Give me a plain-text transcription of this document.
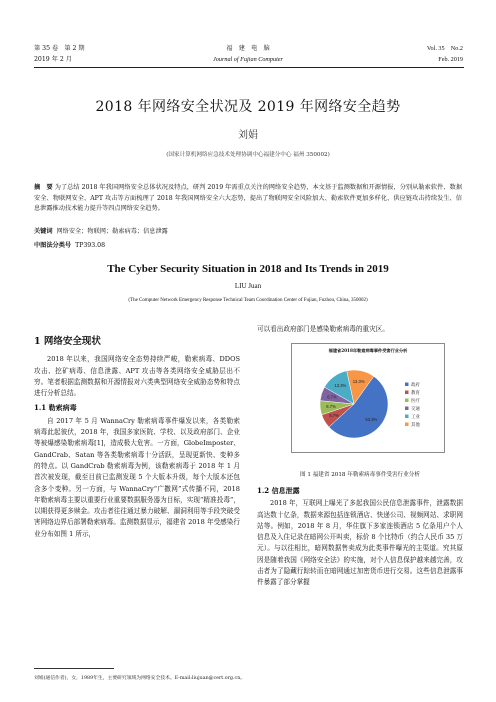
第 35 卷　第 2 期
2019 年 2 月
福　建　电　脑
Journal of Fujian Computer
Vol. 35　No.2
Feb. 2019
2018 年网络安全状况及 2019 年网络安全趋势
刘娟
(国家计算机网络应急技术处理协调中心福建分中心 福州 350002)
摘　要 为了总结 2018 年我国网络安全总体状况及特点，研判 2019 年需重点关注的网络安全趋势，本文基于监测数据和开源情报，分别从勒索软件、数据安全、物联网安全、APT 攻击等方面梳理了 2018 年我国网络安全六大态势，提出了物联网安全风险加大、勒索软件更加多样化、供应链攻击持续发生、信息泄露推动技术能力提升等四点网络安全趋势。
关键词 网络安全；物联网；勒索病毒；信息泄露
中图法分类号 TP393.08
The Cyber Security Situation in 2018 and Its Trends in 2019
LIU Juan
(The Computer Network Emergency Response Technical Team Coordination Center of Fujian, Fuzhou, China, 350002)
1 网络安全现状

2018 年以来，我国网络安全态势持续严峻，勒索病毒、DDOS 攻击、挖矿病毒、信息泄露、APT 攻击等各类网络安全威胁层出不穷。笔者根据监测数据和开源情报对六类典型网络安全威胁态势和特点进行分析总结。

1.1 勒索病毒

自 2017 年 5 月 WannaCry 勒索病毒事件爆发以来，各类勒索病毒此起彼伏，2018 年，我国多家医院、学校、以及政府部门、企业等被爆感染勒索病毒[1]，造成极大危害。一方面，GlobeImposter、GandCrab、Satan 等各类勒索病毒十分活跃，呈现更新快、变种多的特点。以 GandCrab 勒索病毒为例，该勒索病毒于 2018 年 1 月首次被发现，截至目前已监测发现 5 个大版本升级，每个大版本还包含多个变种。另一方面，与 WannaCry“广撒网”式传播不同，2018 年勒索病毒主要以重要行业重要数据服务器为目标，实现“精准投毒”，以期获得更多赎金。攻击者往往通过暴力破解、漏洞利用等手段突破受害网络边界后部署勒索病毒。监测数据显示，福建省 2018 年受感染行业分布如图 1 所示，

可以看出政府部门是感染勒索病毒的重灾区。

福建省2018年勒索病毒事件受害行业分析
53.3%
6.7%
6.7%
6.7%
13.3%
13.3%
政府
教育
医疗
交通
工业
其他
图 1 福建省 2018 年勒索病毒事件受害行业分析
1.2 信息泄露

2018 年，互联网上曝光了多起我国公民信息泄露事件，泄露数据高达数十亿条，数据来源包括连锁酒店、快递公司、视频网站、求职网站等。例如，2018 年 8 月，华住旗下多家连锁酒店 5 亿条用户个人信息及入住记录在暗网公开叫卖，标价 8 个比特币（约合人民币 35 万元）。与以往相比，暗网数据售卖成为此类事件曝光的主渠道。究其原因是随着我国《网络安全法》的实施，对个人信息保护越来越完善，攻击者为了隐藏行踪转而在暗网通过加密货币进行交易。这些信息泄露事件暴露了部分掌握

刘娟(通信作者)，女，1989年生，主要研究领域为网络安全技术。E-mail:liujuan@cert.org.cn。
